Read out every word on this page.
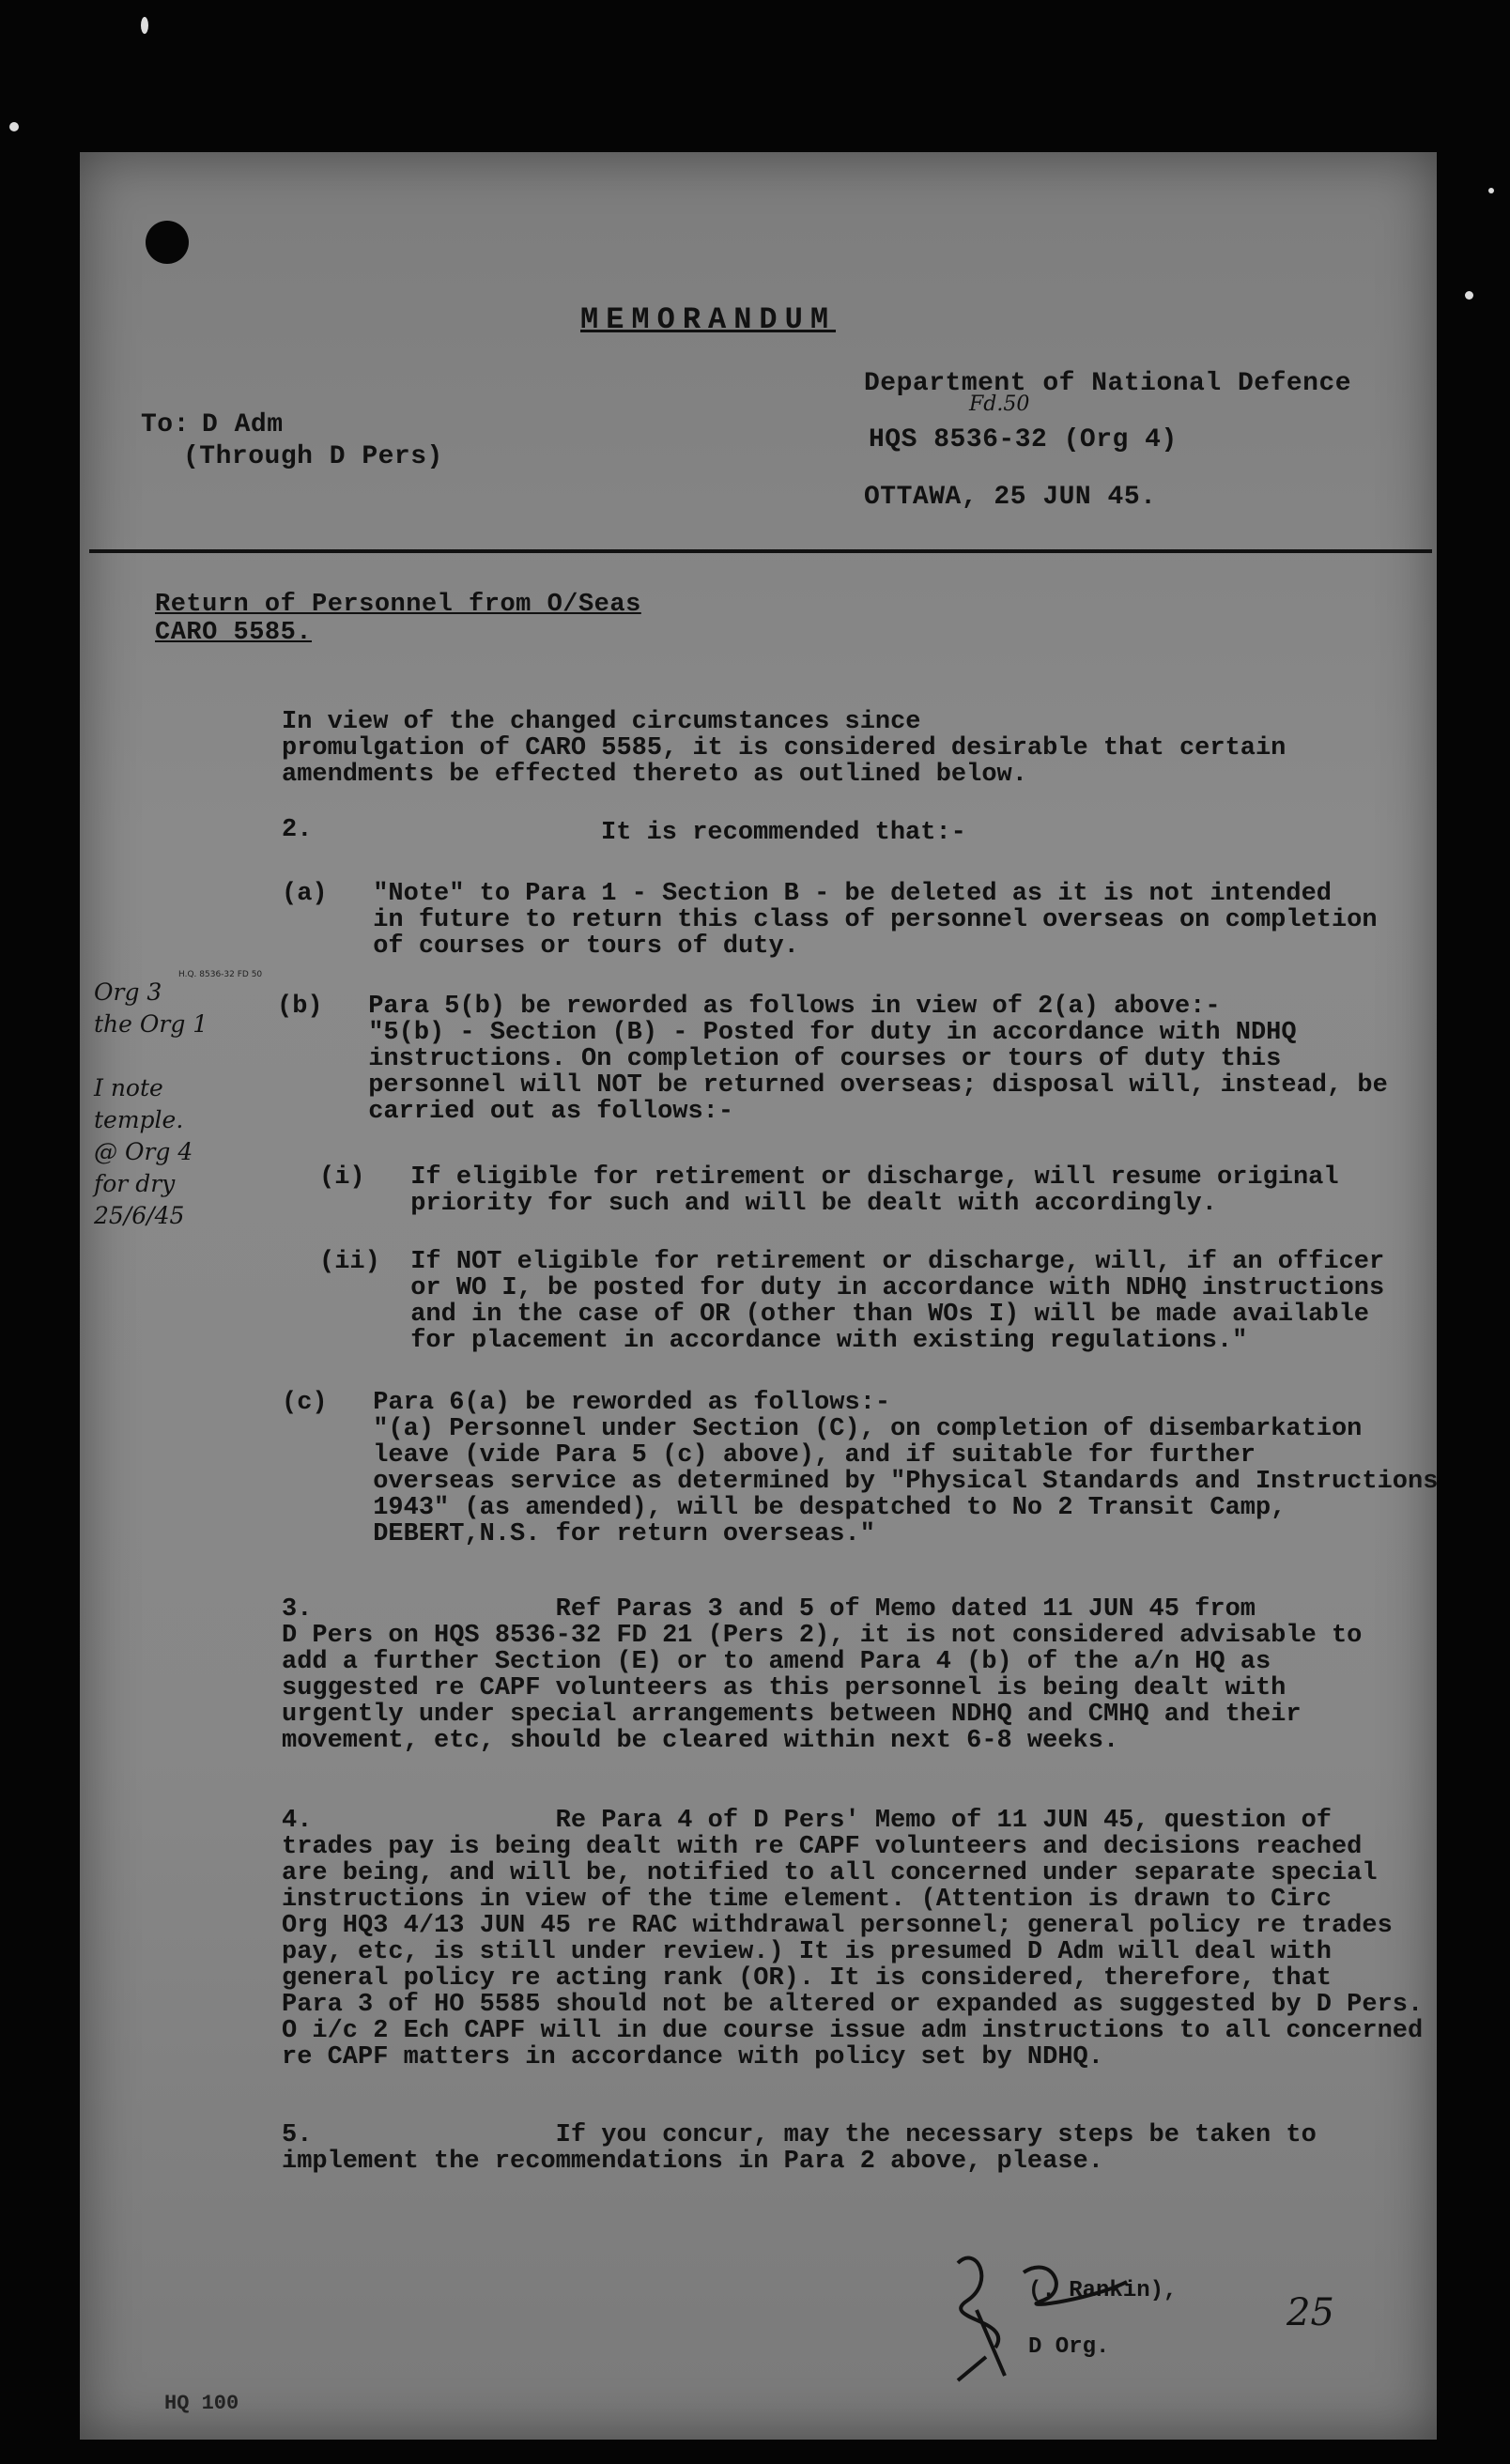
MEMORANDUM
To: D Adm
(Through D Pers)
Department of National Defence
Fd.50
HQS 8536-32 (Org 4)
OTTAWA, 25 JUN 45.
Return of Personnel from O/Seas
CARO 5585.
In view of the changed circumstances since
promulgation of CARO 5585, it is considered desirable that certain
amendments be effected thereto as outlined below.
2.	It is recommended that:-
(a)   "Note" to Para 1 - Section B - be deleted as it is not intended
in future to return this class of personnel overseas on completion
of courses or tours of duty.
(b)   Para 5(b) be reworded as follows in view of 2(a) above:-
"5(b) - Section (B) - Posted for duty in accordance with NDHQ
instructions. On completion of courses or tours of duty this
personnel will NOT be returned overseas; disposal will, instead, be
carried out as follows:-
(i)   If eligible for retirement or discharge, will resume original
priority for such and will be dealt with accordingly.
(ii)  If NOT eligible for retirement or discharge, will, if an officer
or WO I, be posted for duty in accordance with NDHQ instructions
and in the case of OR (other than WOs I) will be made available
for placement in accordance with existing regulations."
(c)   Para 6(a) be reworded as follows:-
"(a) Personnel under Section (C), on completion of disembarkation
leave (vide Para 5 (c) above), and if suitable for further
overseas service as determined by "Physical Standards and Instructions
1943" (as amended), will be despatched to No 2 Transit Camp,
DEBERT,N.S. for return overseas."
3.                Ref Paras 3 and 5 of Memo dated 11 JUN 45 from
D Pers on HQS 8536-32 FD 21 (Pers 2), it is not considered advisable to
add a further Section (E) or to amend Para 4 (b) of the a/n HQ as
suggested re CAPF volunteers as this personnel is being dealt with
urgently under special arrangements between NDHQ and CMHQ and their
movement, etc, should be cleared within next 6-8 weeks.
4.                Re Para 4 of D Pers' Memo of 11 JUN 45, question of
trades pay is being dealt with re CAPF volunteers and decisions reached
are being, and will be, notified to all concerned under separate special
instructions in view of the time element. (Attention is drawn to Circ
Org HQ3 4/13 JUN 45 re RAC withdrawal personnel; general policy re trades
pay, etc, is still under review.) It is presumed D Adm will deal with
general policy re acting rank (OR). It is considered, therefore, that
Para 3 of HO 5585 should not be altered or expanded as suggested by D Pers.
O i/c 2 Ech CAPF will in due course issue adm instructions to all concerned
re CAPF matters in accordance with policy set by NDHQ.
5.                If you concur, may the necessary steps be taken to
implement the recommendations in Para 2 above, please.
H.Q. 8536-32 FD 50
Org 3
the Org 1

I note
temple.
@ Org 4
for dry
25/6/45
(. Rankin),
D Org.
25
HQ 100
